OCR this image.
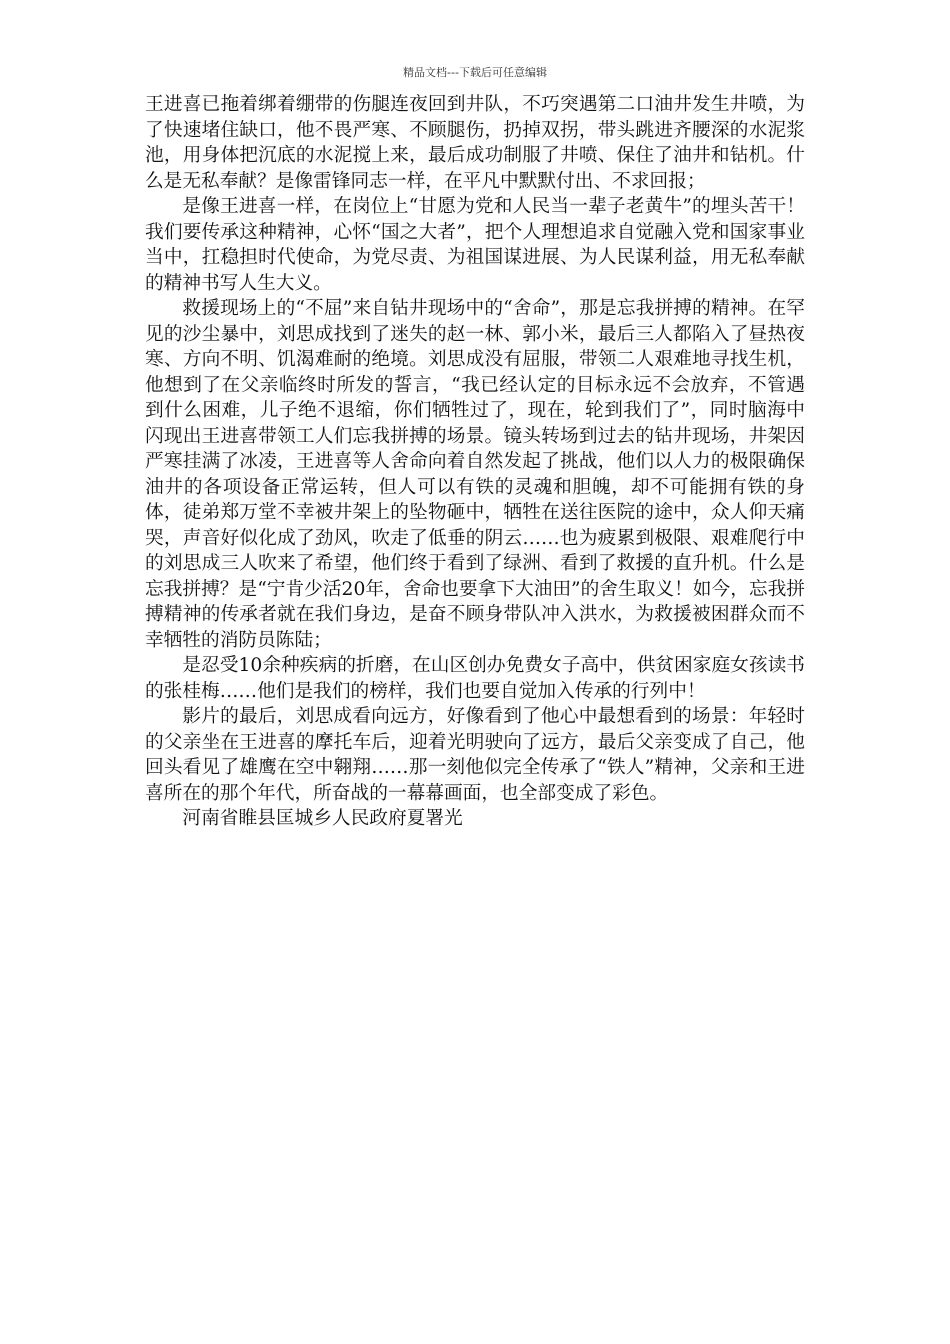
精品文档---下载后可任意编辑

王进喜已拖着绑着绷带的伤腿连夜回到井队，不巧突遇第二口油井发生井喷，为了快速堵住缺口，他不畏严寒、不顾腿伤，扔掉双拐，带头跳进齐腰深的水泥浆池，用身体把沉底的水泥搅上来，最后成功制服了井喷、保住了油井和钻机。什么是无私奉献？是像雷锋同志一样，在平凡中默默付出、不求回报；

是像王进喜一样，在岗位上“甘愿为党和人民当一辈子老黄牛”的埋头苦干！我们要传承这种精神，心怀“国之大者”，把个人理想追求自觉融入党和国家事业当中，扛稳担时代使命，为党尽责、为祖国谋进展、为人民谋利益，用无私奉献的精神书写人生大义。

救援现场上的“不屈”来自钻井现场中的“舍命”，那是忘我拼搏的精神。在罕见的沙尘暴中，刘思成找到了迷失的赵一林、郭小米，最后三人都陷入了昼热夜寒、方向不明、饥渴难耐的绝境。刘思成没有屈服，带领二人艰难地寻找生机，他想到了在父亲临终时所发的誓言，“我已经认定的目标永远不会放弃，不管遇到什么困难，儿子绝不退缩，你们牺牲过了，现在，轮到我们了”，同时脑海中闪现出王进喜带领工人们忘我拼搏的场景。镜头转场到过去的钻井现场，井架因严寒挂满了冰凌，王进喜等人舍命向着自然发起了挑战，他们以人力的极限确保油井的各项设备正常运转，但人可以有铁的灵魂和胆魄，却不可能拥有铁的身体，徒弟郑万堂不幸被井架上的坠物砸中，牺牲在送往医院的途中，众人仰天痛哭，声音好似化成了劲风，吹走了低垂的阴云……也为疲累到极限、艰难爬行中的刘思成三人吹来了希望，他们终于看到了绿洲、看到了救援的直升机。什么是忘我拼搏？是“宁肯少活20年，舍命也要拿下大油田”的舍生取义！如今，忘我拼搏精神的传承者就在我们身边，是奋不顾身带队冲入洪水，为救援被困群众而不幸牺牲的消防员陈陆；

是忍受10余种疾病的折磨，在山区创办免费女子高中，供贫困家庭女孩读书的张桂梅……他们是我们的榜样，我们也要自觉加入传承的行列中！

影片的最后，刘思成看向远方，好像看到了他心中最想看到的场景：年轻时的父亲坐在王进喜的摩托车后，迎着光明驶向了远方，最后父亲变成了自己，他回头看见了雄鹰在空中翱翔……那一刻他似完全传承了“铁人”精神，父亲和王进喜所在的那个年代，所奋战的一幕幕画面，也全部变成了彩色。

河南省睢县匡城乡人民政府夏署光
